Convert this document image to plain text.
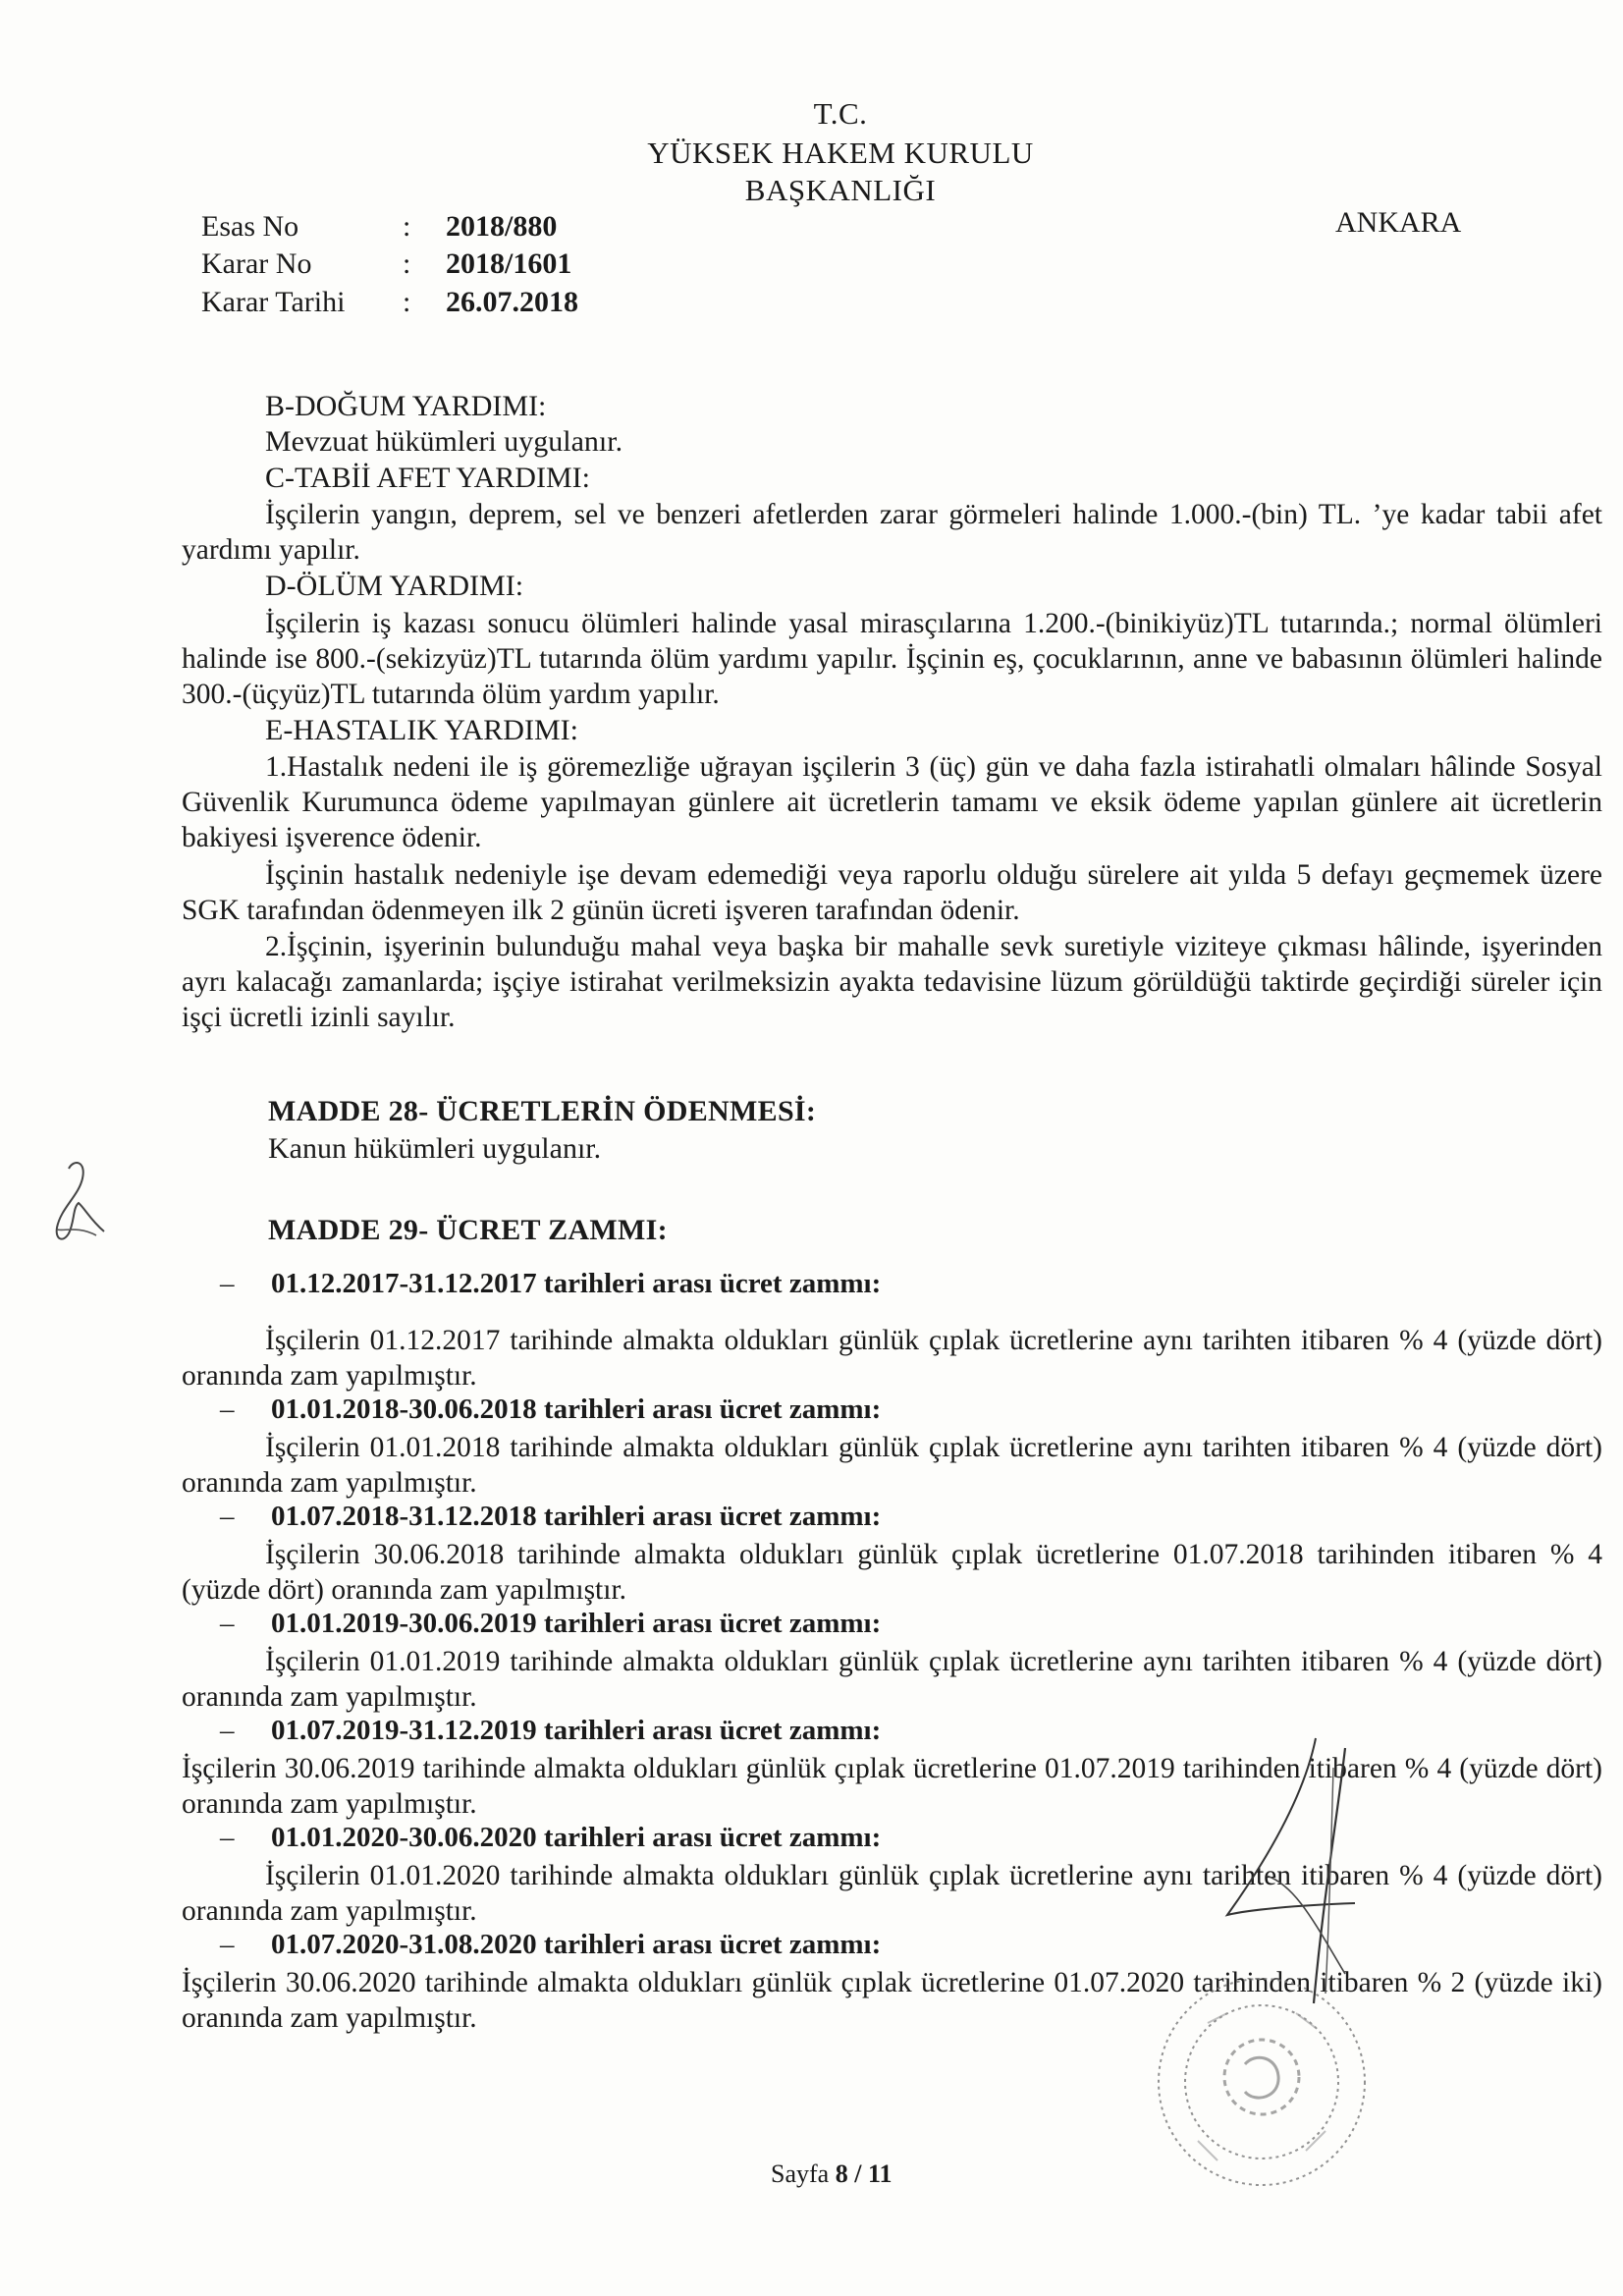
T.C.
YÜKSEK HAKEM KURULU
BAŞKANLIĞI
ANKARA
Esas No	: 2018/880
Karar No	: 2018/1601
Karar Tarihi : 26.07.2018
B-DOĞUM YARDIMI:
Mevzuat hükümleri uygulanır.
C-TABİİ AFET YARDIMI:
İşçilerin yangın, deprem, sel ve benzeri afetlerden zarar görmeleri halinde 1.000.-(bin) TL. ’ye kadar tabii afet yardımı yapılır.
D-ÖLÜM YARDIMI:
İşçilerin iş kazası sonucu ölümleri halinde yasal mirasçılarına 1.200.-(binikiyüz)TL tutarında.; normal ölümleri halinde ise 800.-(sekizyüz)TL tutarında ölüm yardımı yapılır. İşçinin eş, çocuklarının, anne ve babasının ölümleri halinde 300.-(üçyüz)TL tutarında ölüm yardım yapılır.
E-HASTALIK YARDIMI:
1.Hastalık nedeni ile iş göremezliğe uğrayan işçilerin 3 (üç) gün ve daha fazla istirahatli olmaları hâlinde Sosyal Güvenlik Kurumunca ödeme yapılmayan günlere ait ücretlerin tamamı ve eksik ödeme yapılan günlere ait ücretlerin bakiyesi işverence ödenir.
İşçinin hastalık nedeniyle işe devam edemediği veya raporlu olduğu sürelere ait yılda 5 defayı geçmemek üzere SGK tarafından ödenmeyen ilk 2 günün ücreti işveren tarafından ödenir.
2.İşçinin, işyerinin bulunduğu mahal veya başka bir mahalle sevk suretiyle viziteye çıkması hâlinde, işyerinden ayrı kalacağı zamanlarda; işçiye istirahat verilmeksizin ayakta tedavisine lüzum görüldüğü taktirde geçirdiği süreler için işçi ücretli izinli sayılır.
MADDE 28- ÜCRETLERİN ÖDENMESİ:
Kanun hükümleri uygulanır.
MADDE 29- ÜCRET ZAMMI:
– 01.12.2017-31.12.2017 tarihleri arası ücret zammı:
İşçilerin 01.12.2017 tarihinde almakta oldukları günlük çıplak ücretlerine aynı tarihten itibaren % 4 (yüzde dört) oranında zam yapılmıştır.
– 01.01.2018-30.06.2018 tarihleri arası ücret zammı:
İşçilerin 01.01.2018 tarihinde almakta oldukları günlük çıplak ücretlerine aynı tarihten itibaren % 4 (yüzde dört) oranında zam yapılmıştır.
– 01.07.2018-31.12.2018 tarihleri arası ücret zammı:
İşçilerin 30.06.2018 tarihinde almakta oldukları günlük çıplak ücretlerine 01.07.2018 tarihinden itibaren % 4 (yüzde dört) oranında zam yapılmıştır.
– 01.01.2019-30.06.2019 tarihleri arası ücret zammı:
İşçilerin 01.01.2019 tarihinde almakta oldukları günlük çıplak ücretlerine aynı tarihten itibaren % 4 (yüzde dört) oranında zam yapılmıştır.
– 01.07.2019-31.12.2019 tarihleri arası ücret zammı:
İşçilerin 30.06.2019 tarihinde almakta oldukları günlük çıplak ücretlerine 01.07.2019 tarihinden itibaren % 4 (yüzde dört) oranında zam yapılmıştır.
– 01.01.2020-30.06.2020 tarihleri arası ücret zammı:
İşçilerin 01.01.2020 tarihinde almakta oldukları günlük çıplak ücretlerine aynı tarihten itibaren % 4 (yüzde dört) oranında zam yapılmıştır.
– 01.07.2020-31.08.2020 tarihleri arası ücret zammı:
İşçilerin 30.06.2020 tarihinde almakta oldukları günlük çıplak ücretlerine 01.07.2020 tarihinden itibaren % 2 (yüzde iki) oranında zam yapılmıştır.
Sayfa 8 / 11
